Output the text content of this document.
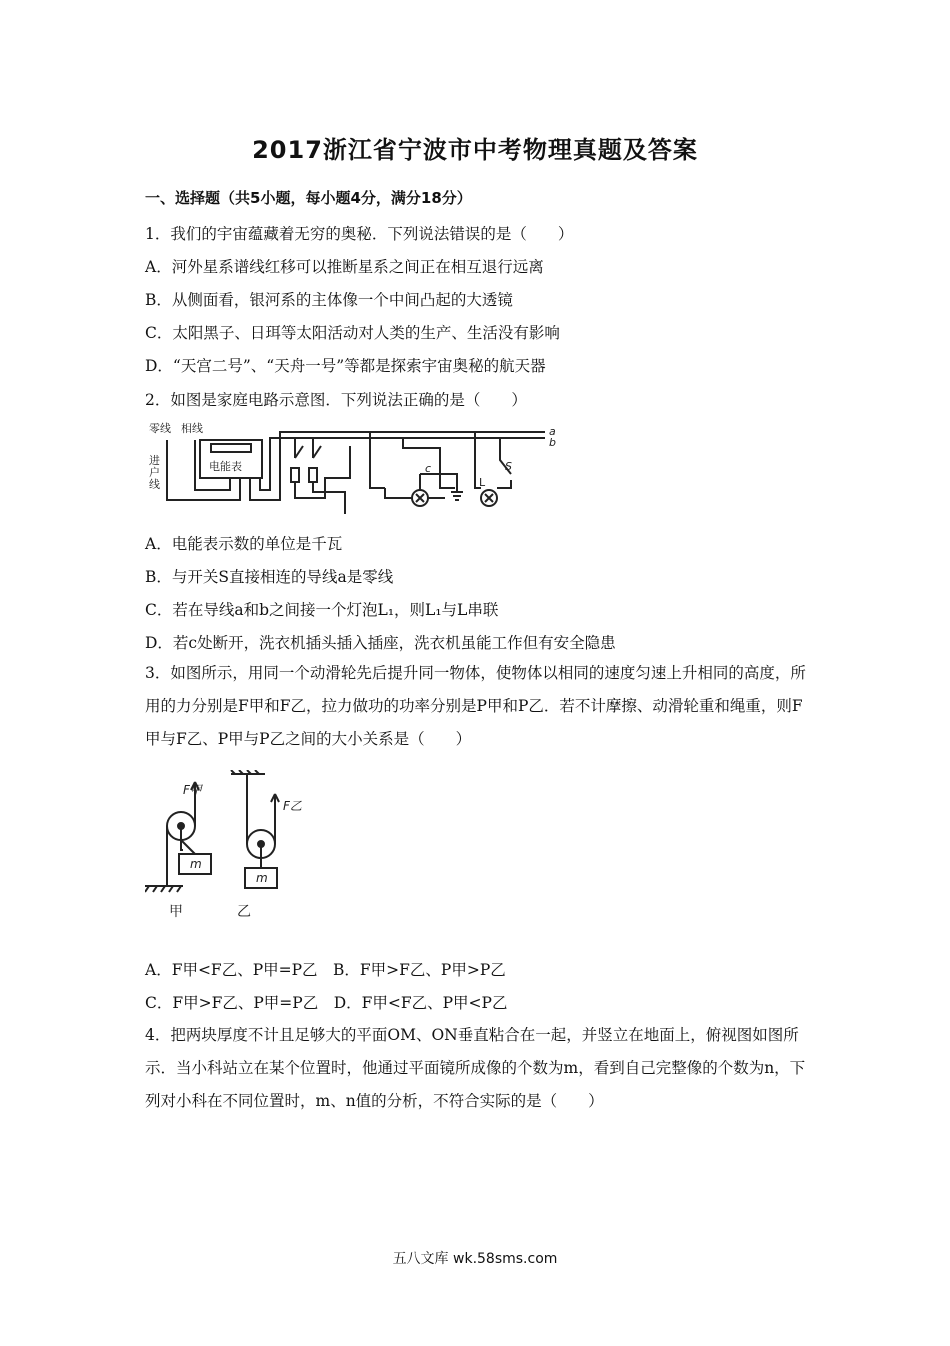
2017浙江省宁波市中考物理真题及答案
一、选择题（共5小题，每小题4分，满分18分）
1．我们的宇宙蕴藏着无穷的奥秘．下列说法错误的是（　　）
A．河外星系谱线红移可以推断星系之间正在相互退行远离
B．从侧面看，银河系的主体像一个中间凸起的大透镜
C．太阳黑子、日珥等太阳活动对人类的生产、生活没有影响
D．“天宫二号”、“天舟一号”等都是探索宇宙奥秘的航天器
2．如图是家庭电路示意图．下列说法正确的是（　　）
零线 相线
进
户
线
电能表
a
b
c
L
S
A．电能表示数的单位是千瓦
B．与开关S直接相连的导线a是零线
C．若在导线a和b之间接一个灯泡L₁，则L₁与L串联
D．若c处断开，洗衣机插头插入插座，洗衣机虽能工作但有安全隐患
3．如图所示，用同一个动滑轮先后提升同一物体，使物体以相同的速度匀速上升相同的高度，所用的力分别是F甲和F乙，拉力做功的功率分别是P甲和P乙．若不计摩擦、动滑轮重和绳重，则F甲与F乙、P甲与P乙之间的大小关系是（　　）
F甲
F乙
m
m
甲	乙
A．F甲<F乙、P甲=P乙　B．F甲>F乙、P甲>P乙
C．F甲>F乙、P甲=P乙　D．F甲<F乙、P甲<P乙
4．把两块厚度不计且足够大的平面OM、ON垂直粘合在一起，并竖立在地面上，俯视图如图所示．当小科站立在某个位置时，他通过平面镜所成像的个数为m，看到自己完整像的个数为n，下列对小科在不同位置时，m、n值的分析，不符合实际的是（　　）
五八文库 wk.58sms.com
